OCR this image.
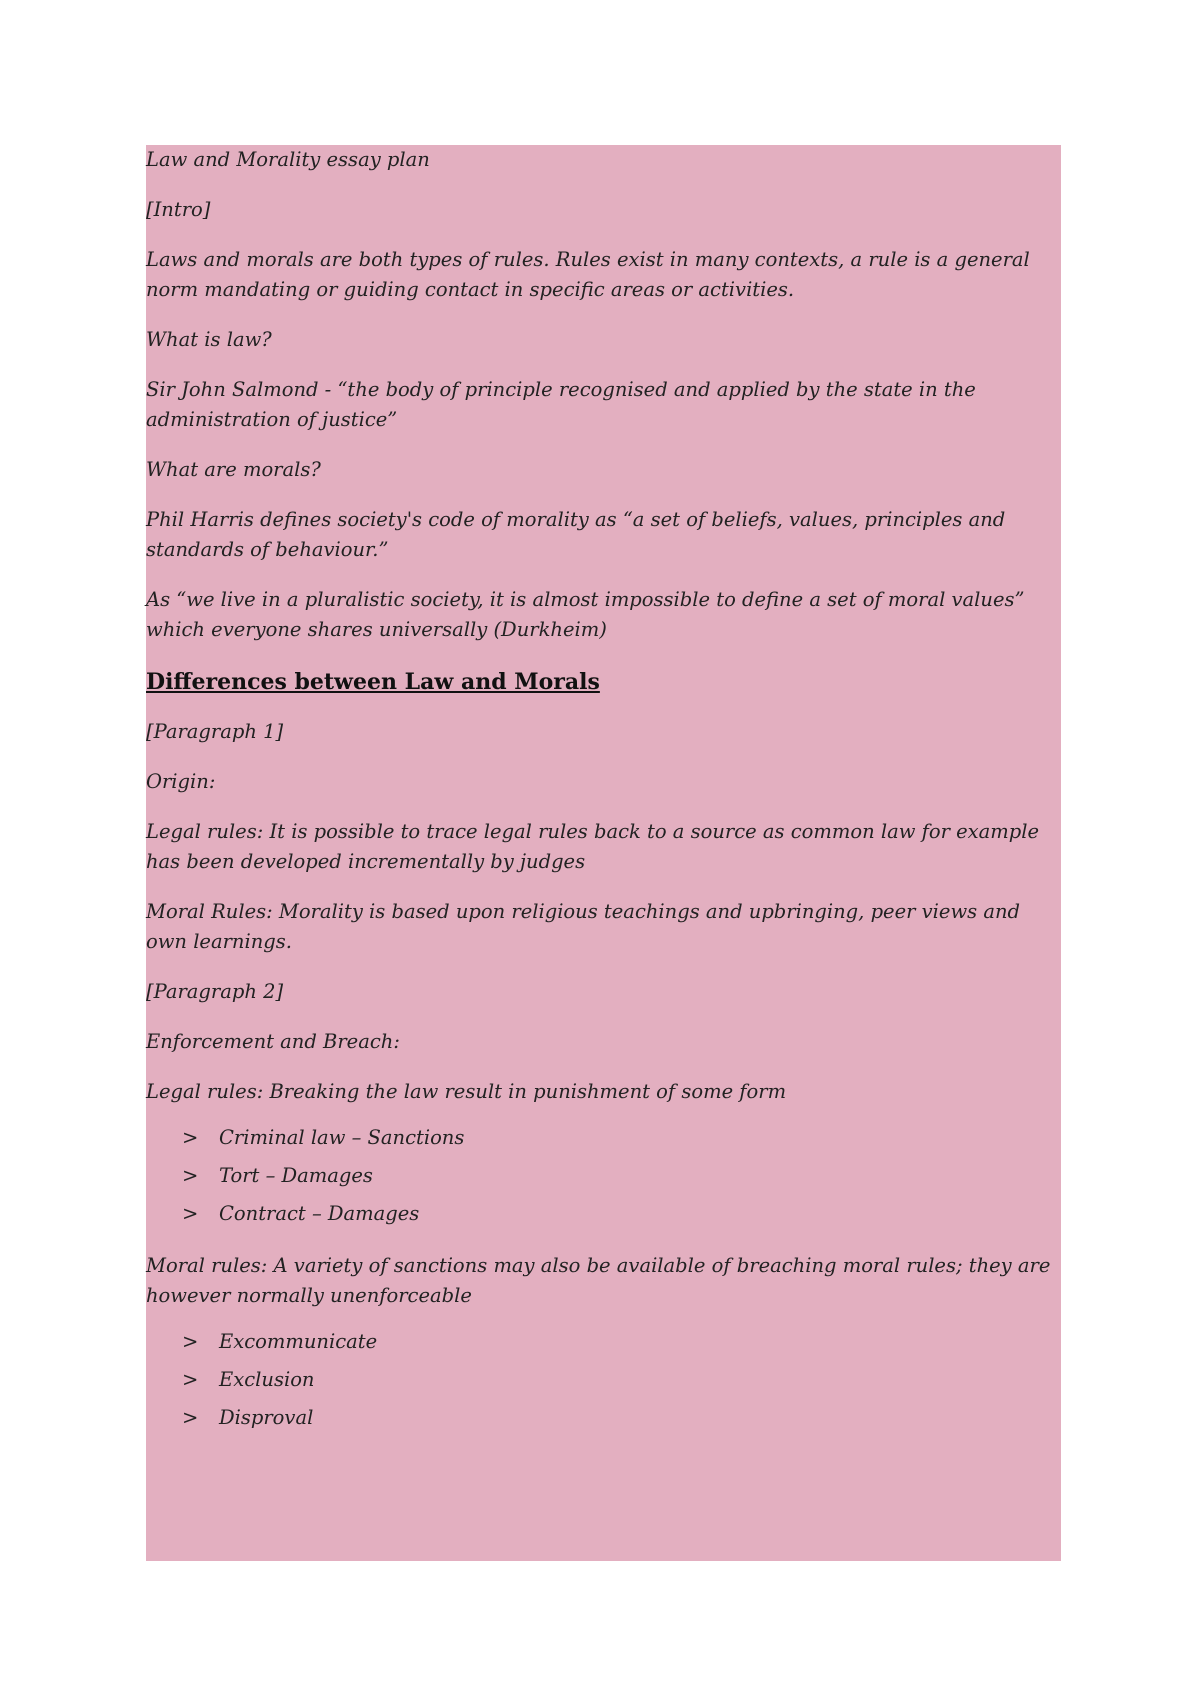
Law and Morality essay plan

[Intro]

Laws and morals are both types of rules. Rules exist in many contexts, a rule is a general norm mandating or guiding contact in specific areas or activities.

What is law?

Sir John Salmond - “the body of principle recognised and applied by the state in the administration of justice”

What are morals?

Phil Harris defines society's code of morality as “a set of beliefs, values, principles and standards of behaviour.”

As “we live in a pluralistic society, it is almost impossible to define a set of moral values” which everyone shares universally (Durkheim)

Differences between Law and Morals

[Paragraph 1]

Origin:

Legal rules: It is possible to trace legal rules back to a source as common law for example has been developed incrementally by judges

Moral Rules: Morality is based upon religious teachings and upbringing, peer views and own learnings.

[Paragraph 2]

Enforcement and Breach:

Legal rules: Breaking the law result in punishment of some form

>	Criminal law – Sanctions
>	Tort – Damages
>	Contract – Damages

Moral rules: A variety of sanctions may also be available of breaching moral rules; they are however normally unenforceable

>	Excommunicate
>	Exclusion
>	Disproval
